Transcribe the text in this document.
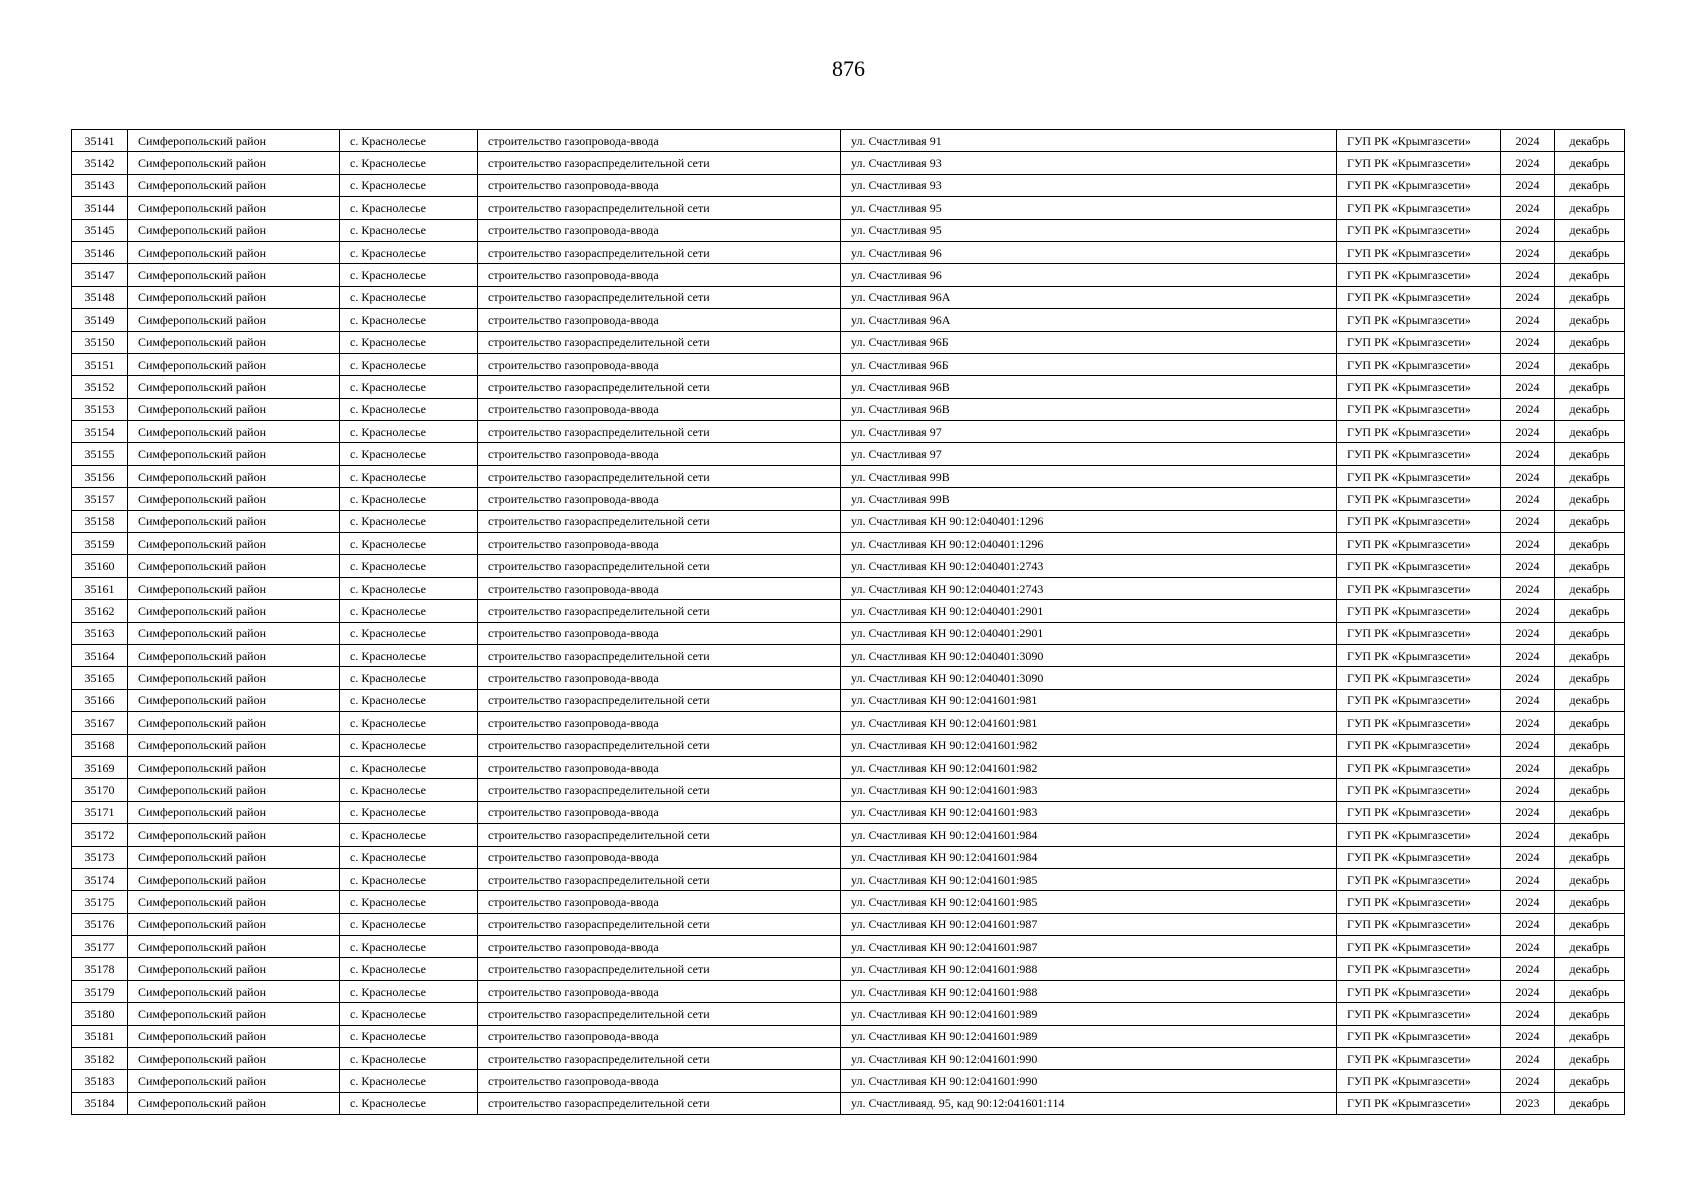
876
35141	Симферопольский район	с. Краснолесье	строительство газопровода-ввода	ул. Счастливая 91	ГУП РК «Крымгазсети»	2024	декабрь
35142	Симферопольский район	с. Краснолесье	строительство газораспределительной сети	ул. Счастливая 93	ГУП РК «Крымгазсети»	2024	декабрь
35143	Симферопольский район	с. Краснолесье	строительство газопровода-ввода	ул. Счастливая 93	ГУП РК «Крымгазсети»	2024	декабрь
35144	Симферопольский район	с. Краснолесье	строительство газораспределительной сети	ул. Счастливая 95	ГУП РК «Крымгазсети»	2024	декабрь
35145	Симферопольский район	с. Краснолесье	строительство газопровода-ввода	ул. Счастливая 95	ГУП РК «Крымгазсети»	2024	декабрь
35146	Симферопольский район	с. Краснолесье	строительство газораспределительной сети	ул. Счастливая 96	ГУП РК «Крымгазсети»	2024	декабрь
35147	Симферопольский район	с. Краснолесье	строительство газопровода-ввода	ул. Счастливая 96	ГУП РК «Крымгазсети»	2024	декабрь
35148	Симферопольский район	с. Краснолесье	строительство газораспределительной сети	ул. Счастливая 96А	ГУП РК «Крымгазсети»	2024	декабрь
35149	Симферопольский район	с. Краснолесье	строительство газопровода-ввода	ул. Счастливая 96А	ГУП РК «Крымгазсети»	2024	декабрь
35150	Симферопольский район	с. Краснолесье	строительство газораспределительной сети	ул. Счастливая 96Б	ГУП РК «Крымгазсети»	2024	декабрь
35151	Симферопольский район	с. Краснолесье	строительство газопровода-ввода	ул. Счастливая 96Б	ГУП РК «Крымгазсети»	2024	декабрь
35152	Симферопольский район	с. Краснолесье	строительство газораспределительной сети	ул. Счастливая 96В	ГУП РК «Крымгазсети»	2024	декабрь
35153	Симферопольский район	с. Краснолесье	строительство газопровода-ввода	ул. Счастливая 96В	ГУП РК «Крымгазсети»	2024	декабрь
35154	Симферопольский район	с. Краснолесье	строительство газораспределительной сети	ул. Счастливая 97	ГУП РК «Крымгазсети»	2024	декабрь
35155	Симферопольский район	с. Краснолесье	строительство газопровода-ввода	ул. Счастливая 97	ГУП РК «Крымгазсети»	2024	декабрь
35156	Симферопольский район	с. Краснолесье	строительство газораспределительной сети	ул. Счастливая 99В	ГУП РК «Крымгазсети»	2024	декабрь
35157	Симферопольский район	с. Краснолесье	строительство газопровода-ввода	ул. Счастливая 99В	ГУП РК «Крымгазсети»	2024	декабрь
35158	Симферопольский район	с. Краснолесье	строительство газораспределительной сети	ул. Счастливая КН 90:12:040401:1296	ГУП РК «Крымгазсети»	2024	декабрь
35159	Симферопольский район	с. Краснолесье	строительство газопровода-ввода	ул. Счастливая КН 90:12:040401:1296	ГУП РК «Крымгазсети»	2024	декабрь
35160	Симферопольский район	с. Краснолесье	строительство газораспределительной сети	ул. Счастливая КН 90:12:040401:2743	ГУП РК «Крымгазсети»	2024	декабрь
35161	Симферопольский район	с. Краснолесье	строительство газопровода-ввода	ул. Счастливая КН 90:12:040401:2743	ГУП РК «Крымгазсети»	2024	декабрь
35162	Симферопольский район	с. Краснолесье	строительство газораспределительной сети	ул. Счастливая КН 90:12:040401:2901	ГУП РК «Крымгазсети»	2024	декабрь
35163	Симферопольский район	с. Краснолесье	строительство газопровода-ввода	ул. Счастливая КН 90:12:040401:2901	ГУП РК «Крымгазсети»	2024	декабрь
35164	Симферопольский район	с. Краснолесье	строительство газораспределительной сети	ул. Счастливая КН 90:12:040401:3090	ГУП РК «Крымгазсети»	2024	декабрь
35165	Симферопольский район	с. Краснолесье	строительство газопровода-ввода	ул. Счастливая КН 90:12:040401:3090	ГУП РК «Крымгазсети»	2024	декабрь
35166	Симферопольский район	с. Краснолесье	строительство газораспределительной сети	ул. Счастливая КН 90:12:041601:981	ГУП РК «Крымгазсети»	2024	декабрь
35167	Симферопольский район	с. Краснолесье	строительство газопровода-ввода	ул. Счастливая КН 90:12:041601:981	ГУП РК «Крымгазсети»	2024	декабрь
35168	Симферопольский район	с. Краснолесье	строительство газораспределительной сети	ул. Счастливая КН 90:12:041601:982	ГУП РК «Крымгазсети»	2024	декабрь
35169	Симферопольский район	с. Краснолесье	строительство газопровода-ввода	ул. Счастливая КН 90:12:041601:982	ГУП РК «Крымгазсети»	2024	декабрь
35170	Симферопольский район	с. Краснолесье	строительство газораспределительной сети	ул. Счастливая КН 90:12:041601:983	ГУП РК «Крымгазсети»	2024	декабрь
35171	Симферопольский район	с. Краснолесье	строительство газопровода-ввода	ул. Счастливая КН 90:12:041601:983	ГУП РК «Крымгазсети»	2024	декабрь
35172	Симферопольский район	с. Краснолесье	строительство газораспределительной сети	ул. Счастливая КН 90:12:041601:984	ГУП РК «Крымгазсети»	2024	декабрь
35173	Симферопольский район	с. Краснолесье	строительство газопровода-ввода	ул. Счастливая КН 90:12:041601:984	ГУП РК «Крымгазсети»	2024	декабрь
35174	Симферопольский район	с. Краснолесье	строительство газораспределительной сети	ул. Счастливая КН 90:12:041601:985	ГУП РК «Крымгазсети»	2024	декабрь
35175	Симферопольский район	с. Краснолесье	строительство газопровода-ввода	ул. Счастливая КН 90:12:041601:985	ГУП РК «Крымгазсети»	2024	декабрь
35176	Симферопольский район	с. Краснолесье	строительство газораспределительной сети	ул. Счастливая КН 90:12:041601:987	ГУП РК «Крымгазсети»	2024	декабрь
35177	Симферопольский район	с. Краснолесье	строительство газопровода-ввода	ул. Счастливая КН 90:12:041601:987	ГУП РК «Крымгазсети»	2024	декабрь
35178	Симферопольский район	с. Краснолесье	строительство газораспределительной сети	ул. Счастливая КН 90:12:041601:988	ГУП РК «Крымгазсети»	2024	декабрь
35179	Симферопольский район	с. Краснолесье	строительство газопровода-ввода	ул. Счастливая КН 90:12:041601:988	ГУП РК «Крымгазсети»	2024	декабрь
35180	Симферопольский район	с. Краснолесье	строительство газораспределительной сети	ул. Счастливая КН 90:12:041601:989	ГУП РК «Крымгазсети»	2024	декабрь
35181	Симферопольский район	с. Краснолесье	строительство газопровода-ввода	ул. Счастливая КН 90:12:041601:989	ГУП РК «Крымгазсети»	2024	декабрь
35182	Симферопольский район	с. Краснолесье	строительство газораспределительной сети	ул. Счастливая КН 90:12:041601:990	ГУП РК «Крымгазсети»	2024	декабрь
35183	Симферопольский район	с. Краснолесье	строительство газопровода-ввода	ул. Счастливая КН 90:12:041601:990	ГУП РК «Крымгазсети»	2024	декабрь
35184	Симферопольский район	с. Краснолесье	строительство газораспределительной сети	ул. Счастливаяд. 95, кад 90:12:041601:114	ГУП РК «Крымгазсети»	2023	декабрь
